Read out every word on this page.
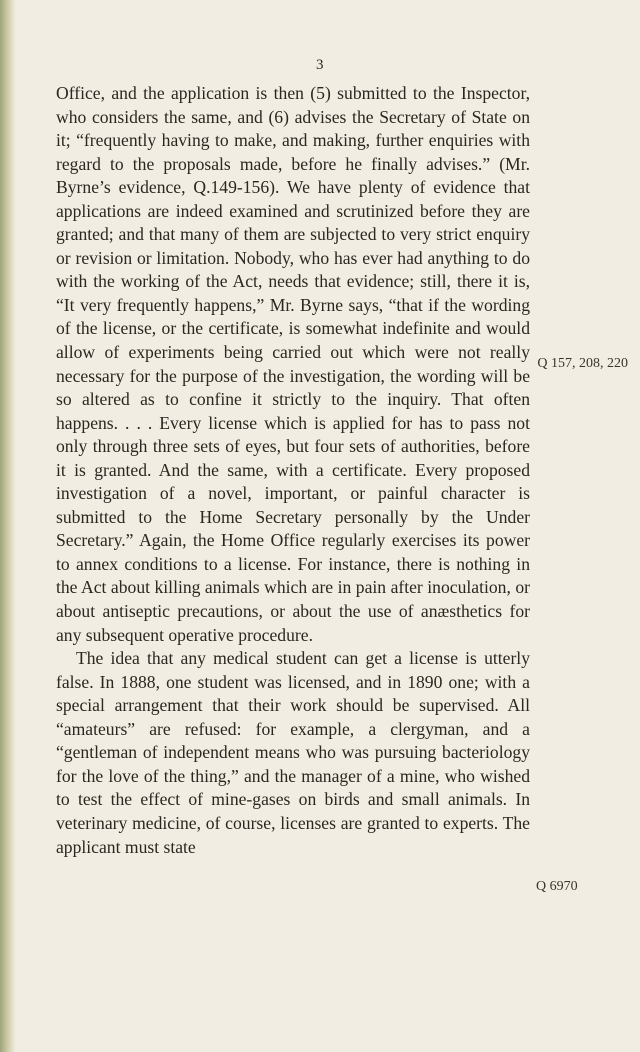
3

Office, and the application is then (5) submitted to the Inspector, who considers the same, and (6) advises the Secretary of State on it; “frequently having to make, and making, further enquiries with regard to the proposals made, before he finally advises.” (Mr. Byrne’s evidence, Q.149-156). We have plenty of evidence that applications are indeed examined and scrutinized before they are granted; and that many of them are subjected to very strict enquiry or revision or limitation. Nobody, who has ever had anything to do with the working of the Act, needs that evidence; still, there it is, “It very frequently happens,” Mr. Byrne says, “that if the wording of the license, or the certificate, is somewhat indefinite and would allow of experiments being carried out which were not really necessary for the purpose of the investigation, the wording will be so altered as to confine it strictly to the inquiry. That often happens. . . . Every license which is applied for has to pass not only through three sets of eyes, but four sets of authorities, before it is granted. And the same, with a certificate. Every proposed investigation of a novel, important, or painful character is submitted to the Home Secretary personally by the Under Secretary.” Again, the Home Office regularly exercises its power to annex conditions to a license. For instance, there is nothing in the Act about killing animals which are in pain after inoculation, or about antiseptic precautions, or about the use of anæsthetics for any subsequent operative procedure.

The idea that any medical student can get a license is utterly false. In 1888, one student was licensed, and in 1890 one; with a special arrangement that their work should be supervised. All “amateurs” are refused: for example, a clergyman, and a “gentleman of independent means who was pursuing bacteriology for the love of the thing,” and the manager of a mine, who wished to test the effect of mine-gases on birds and small animals. In veterinary medicine, of course, licenses are granted to experts. The applicant must state

Q 157, 208, 220
Q 6970
